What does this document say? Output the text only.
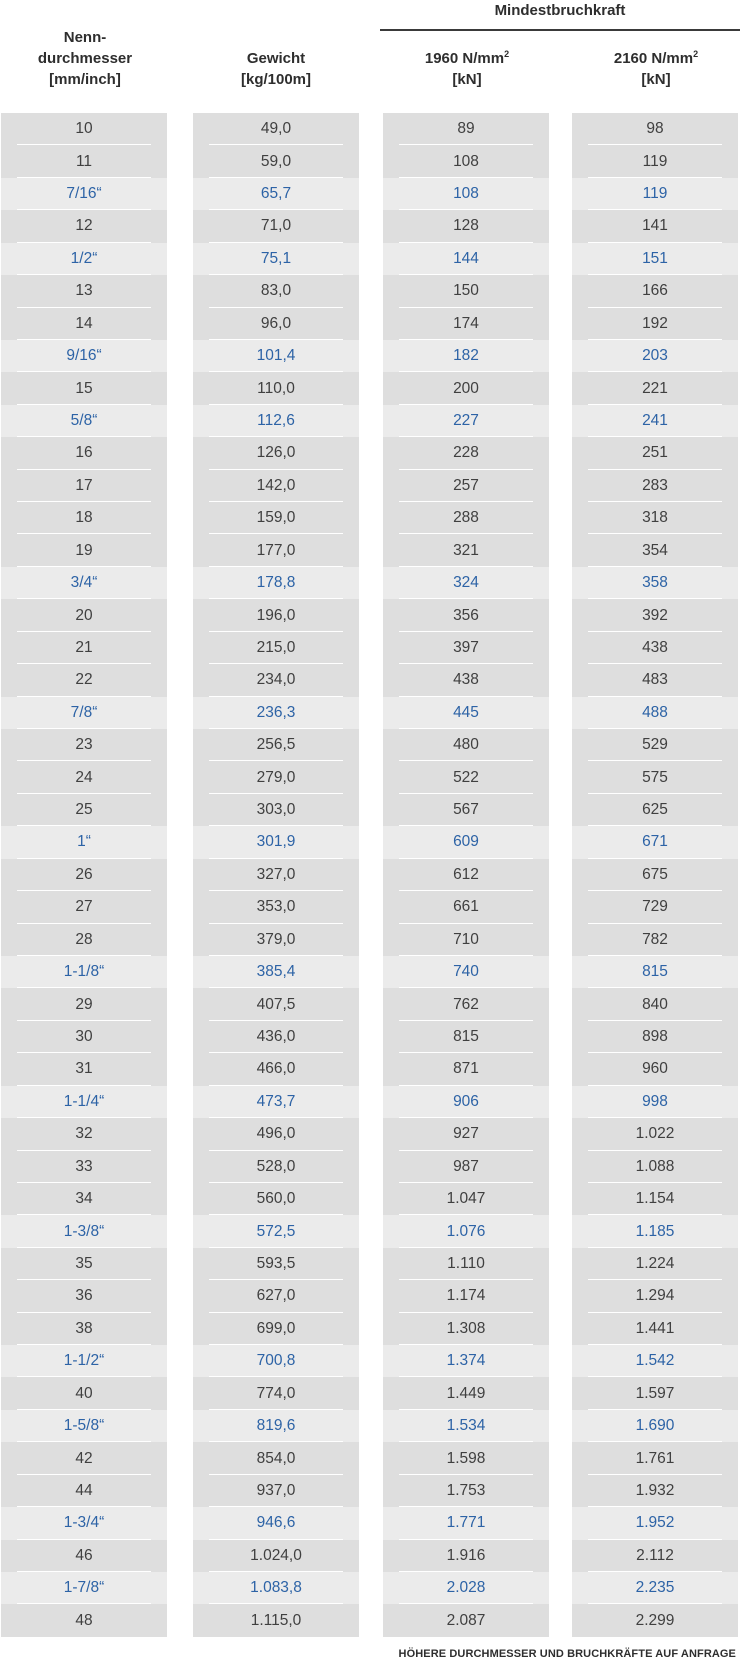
Mindestbruchkraft
Nenn-
durchmesser
[mm/inch]
Gewicht
[kg/100m]
1960 $N/mm^2$
[kN]
2160 $N/mm^2$
[kN]
10
11
7/16“
12
1/2“
13
14
9/16“
15
5/8“
16
17
18
19
3/4“
20
21
22
7/8“
23
24
25
1“
26
27
28
1-1/8“
29
30
31
1-1/4“
32
33
34
1-3/8“
35
36
38
1-1/2“
40
1-5/8“
42
44
1-3/4“
46
1-7/8“
48
49,0
59,0
65,7
71,0
75,1
83,0
96,0
101,4
110,0
112,6
126,0
142,0
159,0
177,0
178,8
196,0
215,0
234,0
236,3
256,5
279,0
303,0
301,9
327,0
353,0
379,0
385,4
407,5
436,0
466,0
473,7
496,0
528,0
560,0
572,5
593,5
627,0
699,0
700,8
774,0
819,6
854,0
937,0
946,6
1.024,0
1.083,8
1.115,0
89
108
108
128
144
150
174
182
200
227
228
257
288
321
324
356
397
438
445
480
522
567
609
612
661
710
740
762
815
871
906
927
987
1.047
1.076
1.110
1.174
1.308
1.374
1.449
1.534
1.598
1.753
1.771
1.916
2.028
2.087
98
119
119
141
151
166
192
203
221
241
251
283
318
354
358
392
438
483
488
529
575
625
671
675
729
782
815
840
898
960
998
1.022
1.088
1.154
1.185
1.224
1.294
1.441
1.542
1.597
1.690
1.761
1.932
1.952
2.112
2.235
2.299
HÖHERE DURCHMESSER UND BRUCHKRÄFTE AUF ANFRAGE
